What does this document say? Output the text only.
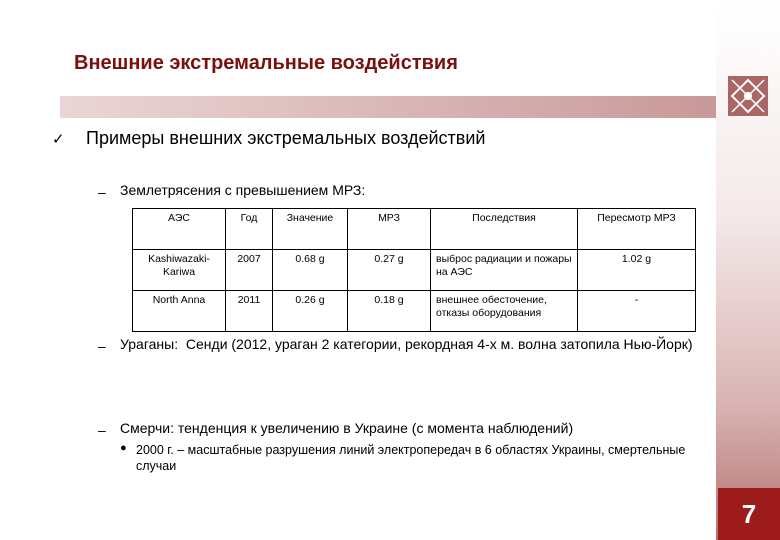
7
Внешние экстремальные воздействия
✓ Примеры внешних экстремальных воздействий
– Землетрясения с превышением МРЗ:
АЭС	Год	Значение	МРЗ	Последствия	Пересмотр МРЗ
Kashiwazaki-Kariwa	2007	0.68 g	0.27 g	выброс радиации и пожары на АЭС	1.02 g
North Anna	2011	0.26 g	0.18 g	внешнее обесточение, отказы оборудования	-
– Ураганы: Сенди (2012, ураган 2 категории, рекордная 4-х м. волна затопила Нью-Йорк)
– Смерчи: тенденция к увеличению в Украине (с момента наблюдений)
● 2000 г. – масштабные разрушения линий электропередач в 6 областях Украины, смертельные случаи
